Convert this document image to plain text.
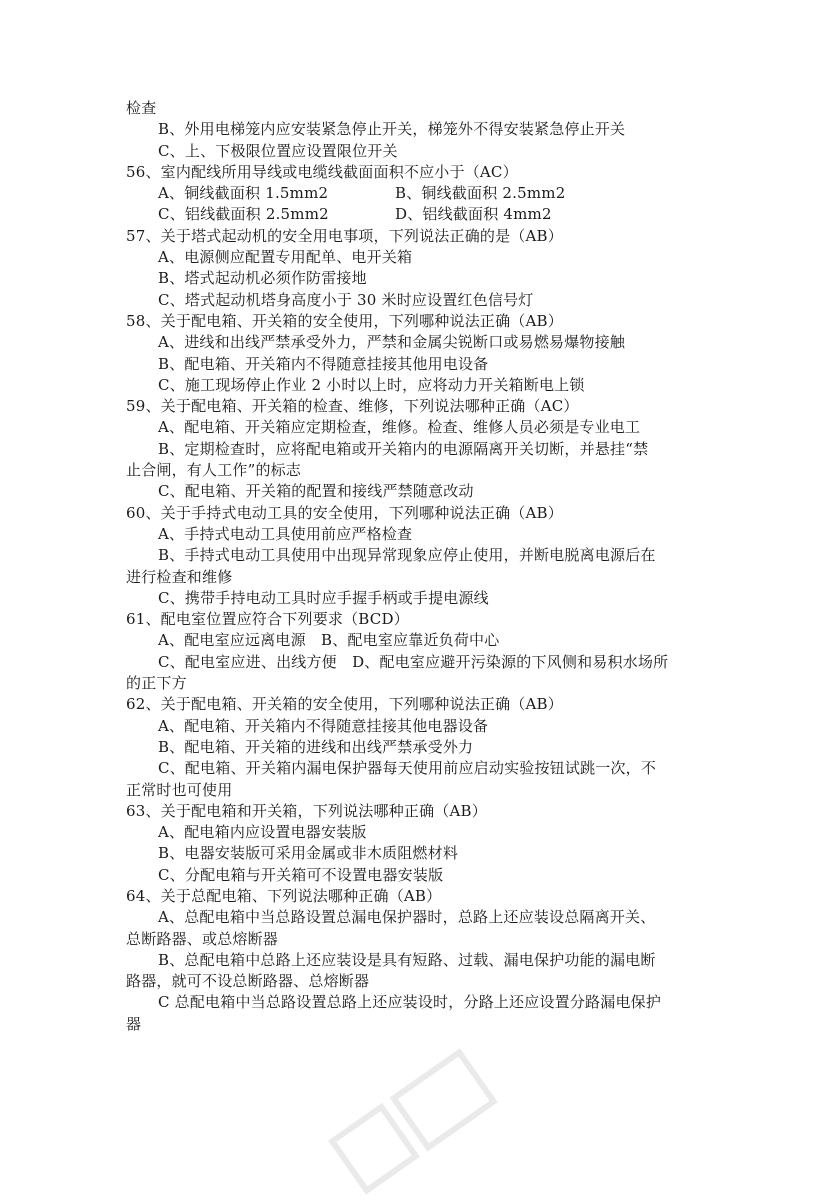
检查
B、外用电梯笼内应安装紧急停止开关，梯笼外不得安装紧急停止开关
C、上、下极限位置应设置限位开关
56、室内配线所用导线或电缆线截面面积不应小于（AC）
A、铜线截面积 1.5mm2	B、铜线截面积 2.5mm2
C、铝线截面积 2.5mm2	D、铝线截面积 4mm2
57、关于塔式起动机的安全用电事项，下列说法正确的是（AB）
A、电源侧应配置专用配单、电开关箱
B、塔式起动机必须作防雷接地
C、塔式起动机塔身高度小于 30 米时应设置红色信号灯
58、关于配电箱、开关箱的安全使用，下列哪种说法正确（AB）
A、进线和出线严禁承受外力，严禁和金属尖锐断口或易燃易爆物接触
B、配电箱、开关箱内不得随意挂接其他用电设备
C、施工现场停止作业 2 小时以上时，应将动力开关箱断电上锁
59、关于配电箱、开关箱的检查、维修，下列说法哪种正确（AC）
A、配电箱、开关箱应定期检查，维修。检查、维修人员必须是专业电工
B、定期检查时，应将配电箱或开关箱内的电源隔离开关切断，并悬挂“禁
止合闸，有人工作”的标志
C、配电箱、开关箱的配置和接线严禁随意改动
60、关于手持式电动工具的安全使用，下列哪种说法正确（AB）
A、手持式电动工具使用前应严格检查
B、手持式电动工具使用中出现异常现象应停止使用，并断电脱离电源后在
进行检查和维修
C、携带手持电动工具时应手握手柄或手提电源线
61、配电室位置应符合下列要求（BCD）
A、配电室应远离电源　B、配电室应靠近负荷中心
C、配电室应进、出线方便　D、配电室应避开污染源的下风侧和易积水场所
的正下方
62、关于配电箱、开关箱的安全使用，下列哪种说法正确（AB）
A、配电箱、开关箱内不得随意挂接其他电器设备
B、配电箱、开关箱的进线和出线严禁承受外力
C、配电箱、开关箱内漏电保护器每天使用前应启动实验按钮试跳一次，不
正常时也可使用
63、关于配电箱和开关箱，下列说法哪种正确（AB）
A、配电箱内应设置电器安装版
B、电器安装版可采用金属或非木质阻燃材料
C、分配电箱与开关箱可不设置电器安装版
64、关于总配电箱、下列说法哪种正确（AB）
A、总配电箱中当总路设置总漏电保护器时，总路上还应装设总隔离开关、
总断路器、或总熔断器
B、总配电箱中总路上还应装设是具有短路、过载、漏电保护功能的漏电断
路器，就可不设总断路器、总熔断器
C 总配电箱中当总路设置总路上还应装设时，分路上还应设置分路漏电保护
器
